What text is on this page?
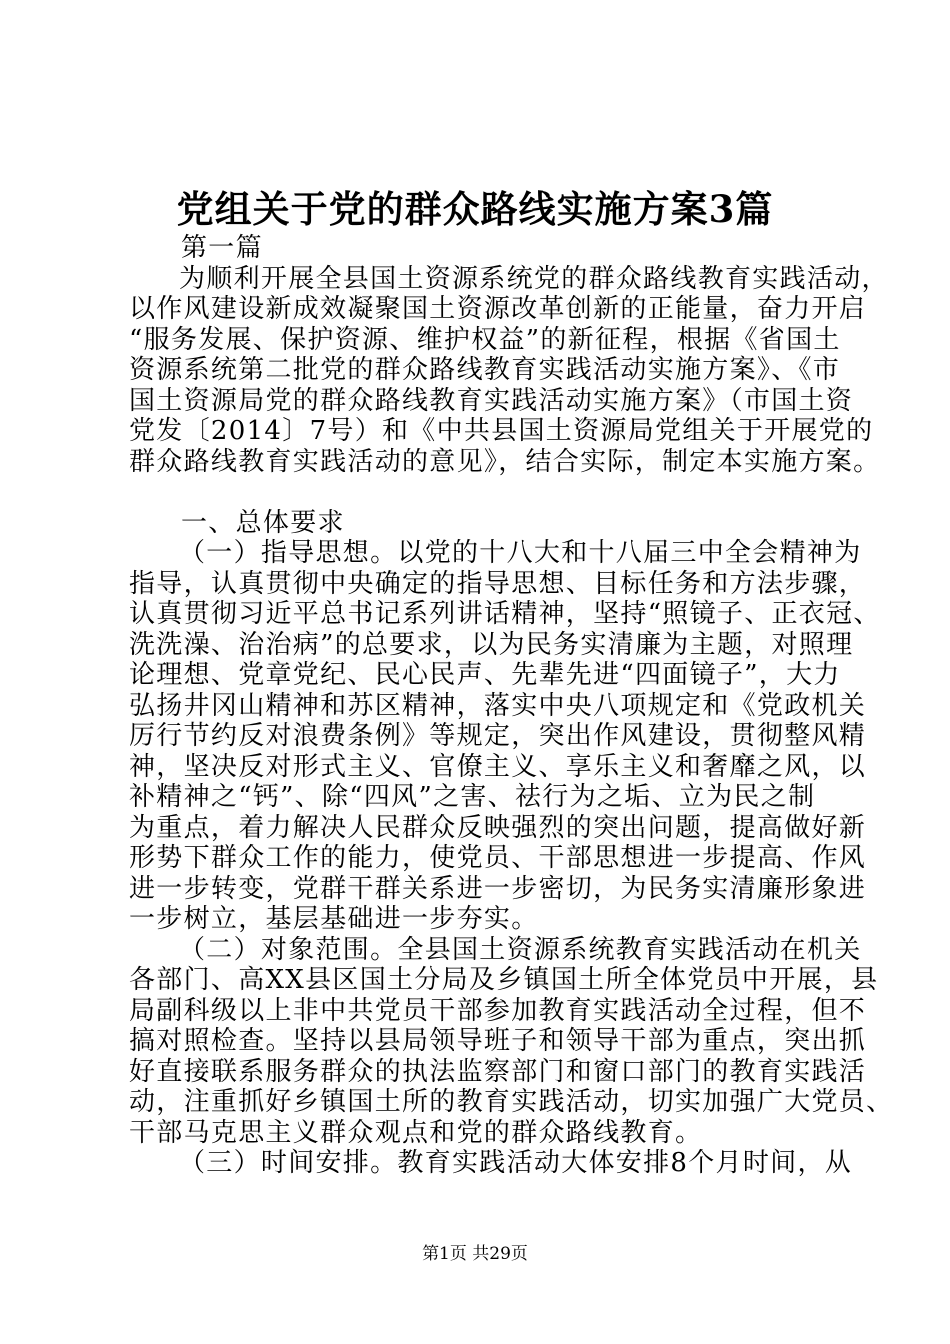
党组关于党的群众路线实施方案3篇
第一篇
为顺利开展全县国土资源系统党的群众路线教育实践活动，
以作风建设新成效凝聚国土资源改革创新的正能量，奋力开启
“服务发展、保护资源、维护权益”的新征程，根据《省国土
资源系统第二批党的群众路线教育实践活动实施方案》、《市
国土资源局党的群众路线教育实践活动实施方案》（市国土资
党发〔2014〕7号）和《中共县国土资源局党组关于开展党的
群众路线教育实践活动的意见》，结合实际，制定本实施方案。
一、总体要求
（一）指导思想。以党的十八大和十八届三中全会精神为
指导，认真贯彻中央确定的指导思想、目标任务和方法步骤，
认真贯彻习近平总书记系列讲话精神，坚持“照镜子、正衣冠、
洗洗澡、治治病”的总要求，以为民务实清廉为主题，对照理
论理想、党章党纪、民心民声、先辈先进“四面镜子”，大力
弘扬井冈山精神和苏区精神，落实中央八项规定和《党政机关
厉行节约反对浪费条例》等规定，突出作风建设，贯彻整风精
神，坚决反对形式主义、官僚主义、享乐主义和奢靡之风，以
补精神之“钙”、除“四风”之害、祛行为之垢、立为民之制
为重点，着力解决人民群众反映强烈的突出问题，提高做好新
形势下群众工作的能力，使党员、干部思想进一步提高、作风
进一步转变，党群干群关系进一步密切，为民务实清廉形象进
一步树立，基层基础进一步夯实。
（二）对象范围。全县国土资源系统教育实践活动在机关
各部门、高XX县区国土分局及乡镇国土所全体党员中开展，县
局副科级以上非中共党员干部参加教育实践活动全过程，但不
搞对照检查。坚持以县局领导班子和领导干部为重点，突出抓
好直接联系服务群众的执法监察部门和窗口部门的教育实践活
动，注重抓好乡镇国土所的教育实践活动，切实加强广大党员、
干部马克思主义群众观点和党的群众路线教育。
（三）时间安排。教育实践活动大体安排8个月时间，从
第1页 共29页
